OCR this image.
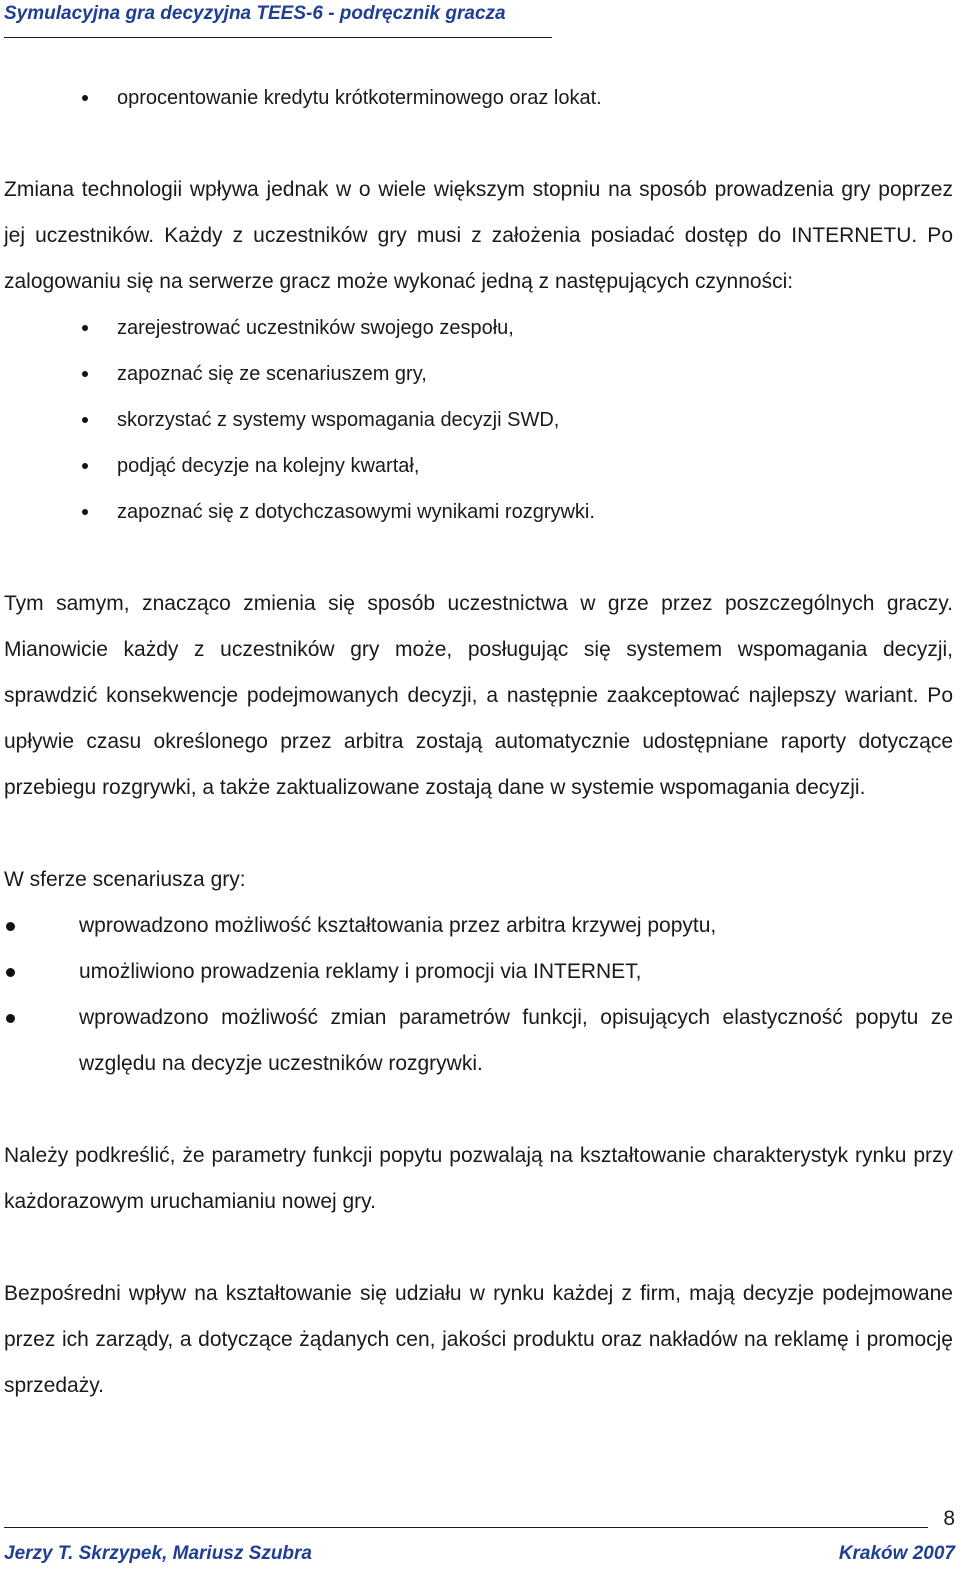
Symulacyjna gra decyzyjna TEES-6 - podręcznik gracza
oprocentowanie kredytu krótkoterminowego oraz lokat.

Zmiana technologii wpływa jednak w o wiele większym stopniu na sposób prowadzenia gry poprzez jej uczestników. Każdy z uczestników gry musi z założenia posiadać dostęp do INTERNETU. Po zalogowaniu się na serwerze gracz może wykonać jedną z następujących czynności:

zarejestrować uczestników swojego zespołu,
zapoznać się ze scenariuszem gry,
skorzystać z systemy wspomagania decyzji SWD,
podjąć decyzje na kolejny kwartał,
zapoznać się z dotychczasowymi wynikami rozgrywki.

Tym samym, znacząco zmienia się sposób uczestnictwa w grze przez poszczególnych graczy. Mianowicie każdy z uczestników gry może, posługując się systemem wspomagania decyzji, sprawdzić konsekwencje podejmowanych decyzji, a następnie zaakceptować najlepszy wariant. Po upływie czasu określonego przez arbitra zostają automatycznie udostępniane raporty dotyczące przebiegu rozgrywki, a także zaktualizowane zostają dane w systemie wspomagania decyzji.

W sferze scenariusza gry:

wprowadzono możliwość kształtowania przez arbitra krzywej popytu,
umożliwiono prowadzenia reklamy i promocji via INTERNET,
wprowadzono możliwość zmian parametrów funkcji, opisujących elastyczność popytu ze względu na decyzje uczestników rozgrywki.

Należy podkreślić, że parametry funkcji popytu pozwalają na kształtowanie charakterystyk rynku przy każdorazowym uruchamianiu nowej gry.

Bezpośredni wpływ na kształtowanie się udziału w rynku każdej z firm, mają decyzje podejmowane przez ich zarządy, a dotyczące żądanych cen, jakości produktu oraz nakładów na reklamę i promocję sprzedaży.

8
Jerzy T. Skrzypek, Mariusz Szubra	Kraków 2007
